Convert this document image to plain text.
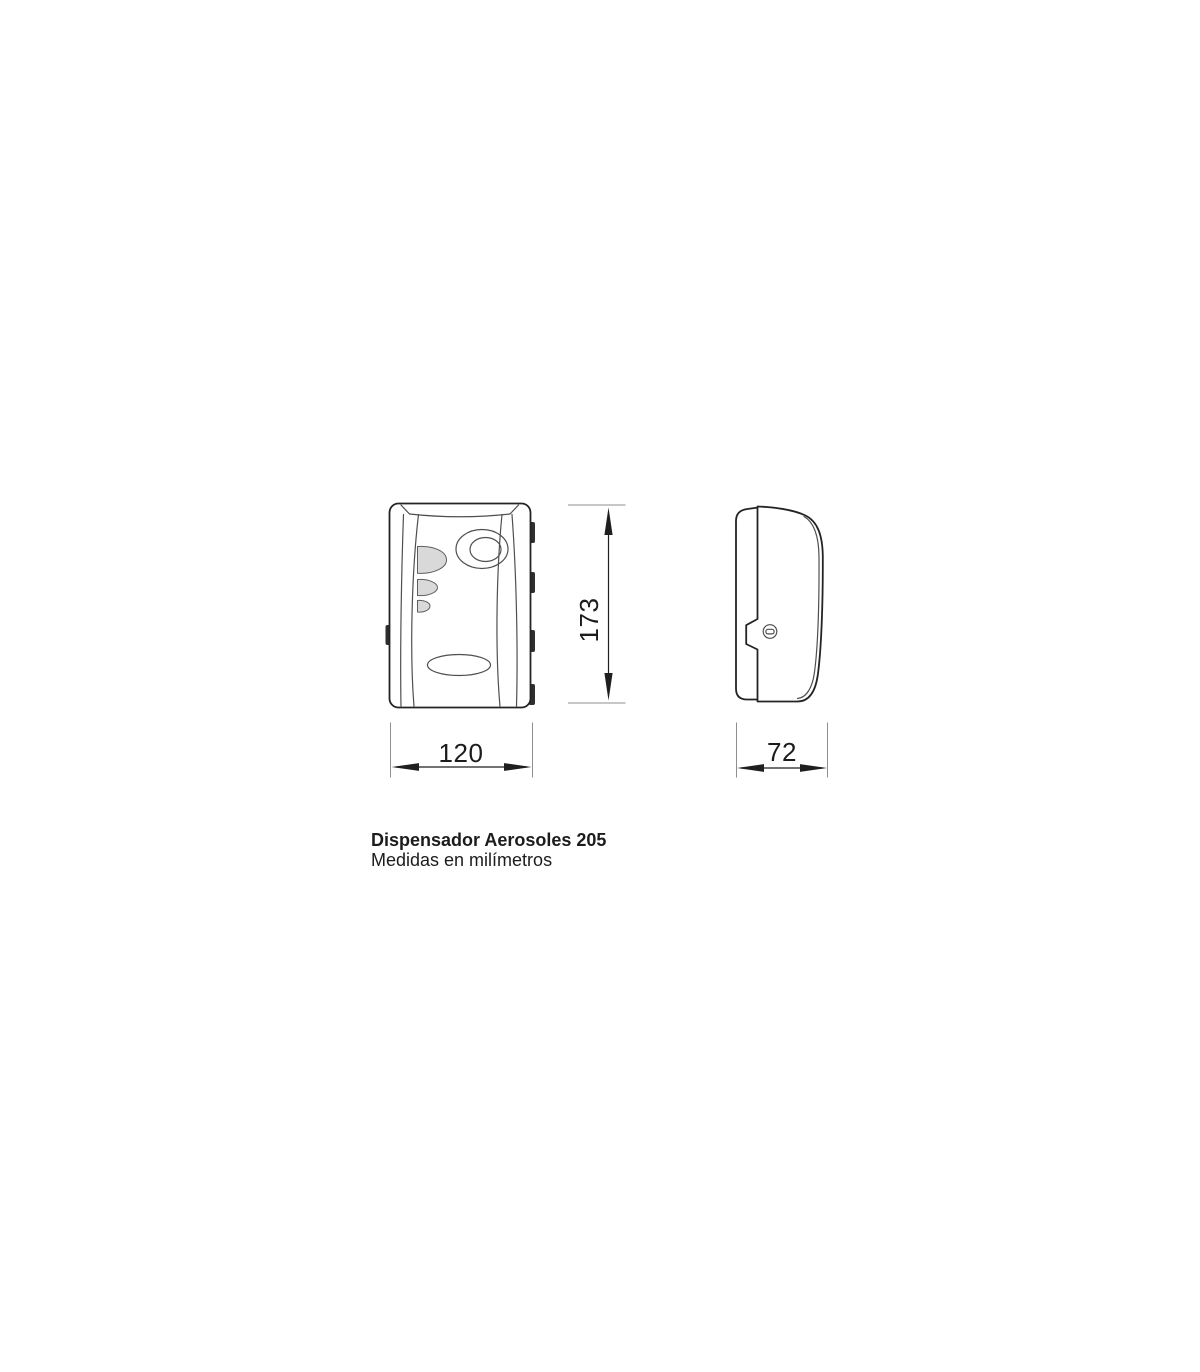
173
120	72
Dispensador Aerosoles 205
Medidas en milímetros
